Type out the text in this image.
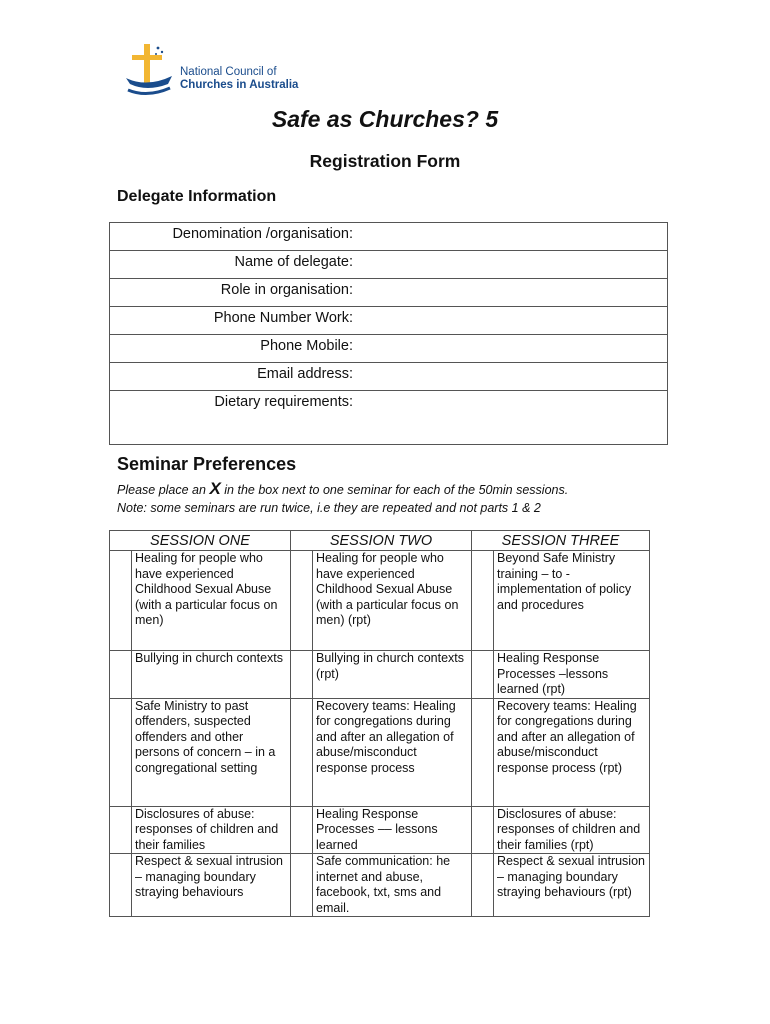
National Council of
Churches in Australia
Safe as Churches? 5
Registration Form
Delegate Information
Denomination /organisation:	
Name of delegate:	
Role in organisation:	
Phone Number Work:	
Phone Mobile:	
Email address:	
Dietary requirements:	
Seminar Preferences
Please place an X in the box next to one seminar for each of the 50min sessions.
Note: some seminars are run twice, i.e they are repeated and not parts 1 & 2
SESSION ONE		SESSION TWO		SESSION THREE	
	Healing for people who have experienced Childhood Sexual Abuse (with a particular focus on men)		Healing for people who have experienced Childhood Sexual Abuse (with a particular focus on men) (rpt)		Beyond Safe Ministry training – to - implementation of policy and procedures
	Bullying in church contexts		Bullying in church contexts (rpt)		Healing Response Processes –lessons learned (rpt)
	Safe Ministry to past offenders, suspected offenders and other persons of concern – in a congregational setting		Recovery teams: Healing for congregations during and after an allegation of abuse/misconduct response process		Recovery teams: Healing for congregations during and after an allegation of abuse/misconduct response process (rpt)
	Disclosures of abuse: responses of children and their families		Healing Response Processes –– lessons learned		Disclosures of abuse: responses of children and their families (rpt)
	Respect & sexual intrusion – managing boundary straying behaviours		Safe communication: he internet and abuse, facebook, txt, sms and email.		Respect & sexual intrusion – managing boundary straying behaviours (rpt)
